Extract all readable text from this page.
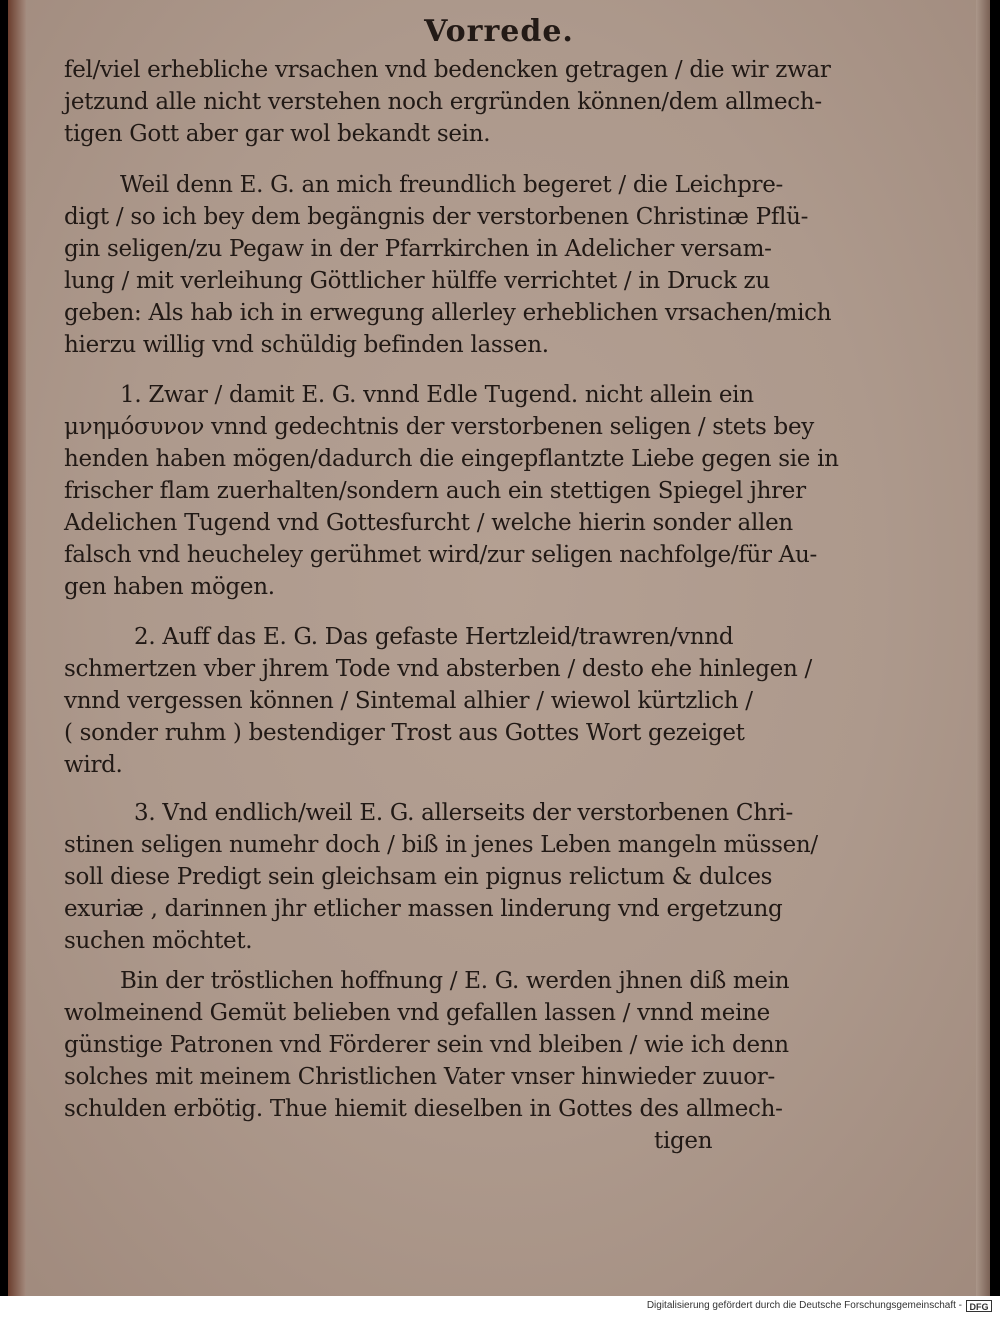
Vorrede.
fel/viel erhebliche vrsachen vnd bedencken getragen / die wir zwar
jetzund alle nicht verstehen noch ergründen können/dem allmech-
tigen Gott aber gar wol bekandt sein.
Weil denn E. G. an mich freundlich begeret / die Leichpre-
digt / so ich bey dem begängnis der verstorbenen Christinæ Pflü-
gin seligen/zu Pegaw in der Pfarrkirchen in Adelicher versam-
lung / mit verleihung Göttlicher hülffe verrichtet / in Druck zu
geben: Als hab ich in erwegung allerley erheblichen vrsachen/mich
hierzu willig vnd schüldig befinden lassen.
1. Zwar / damit E. G. vnnd Edle Tugend. nicht allein ein
μνημόσυνον vnnd gedechtnis der verstorbenen seligen / stets bey
henden haben mögen/dadurch die eingepflantzte Liebe gegen sie in
frischer flam zuerhalten/sondern auch ein stettigen Spiegel jhrer
Adelichen Tugend vnd Gottesfurcht / welche hierin sonder allen
falsch vnd heucheley gerühmet wird/zur seligen nachfolge/für Au-
gen haben mögen.
2. Auff das E. G. Das gefaste Hertzleid/trawren/vnnd
schmertzen vber jhrem Tode vnd absterben / desto ehe hinlegen /
vnnd vergessen können / Sintemal alhier / wiewol kürtzlich /
( sonder ruhm ) bestendiger Trost aus Gottes Wort gezeiget
wird.
3. Vnd endlich/weil E. G. allerseits der verstorbenen Chri-
stinen seligen numehr doch / biß in jenes Leben mangeln müssen/
soll diese Predigt sein gleichsam ein pignus relictum & dulces
exuriæ , darinnen jhr etlicher massen linderung vnd ergetzung
suchen möchtet.
Bin der tröstlichen hoffnung / E. G. werden jhnen diß mein
wolmeinend Gemüt belieben vnd gefallen lassen / vnnd meine
günstige Patronen vnd Förderer sein vnd bleiben / wie ich denn
solches mit meinem Christlichen Vater vnser hinwieder zuuor-
schulden erbötig. Thue hiemit dieselben in Gottes des allmech-
tigen
Digitalisierung gefördert durch die Deutsche Forschungsgemeinschaft - DFG
